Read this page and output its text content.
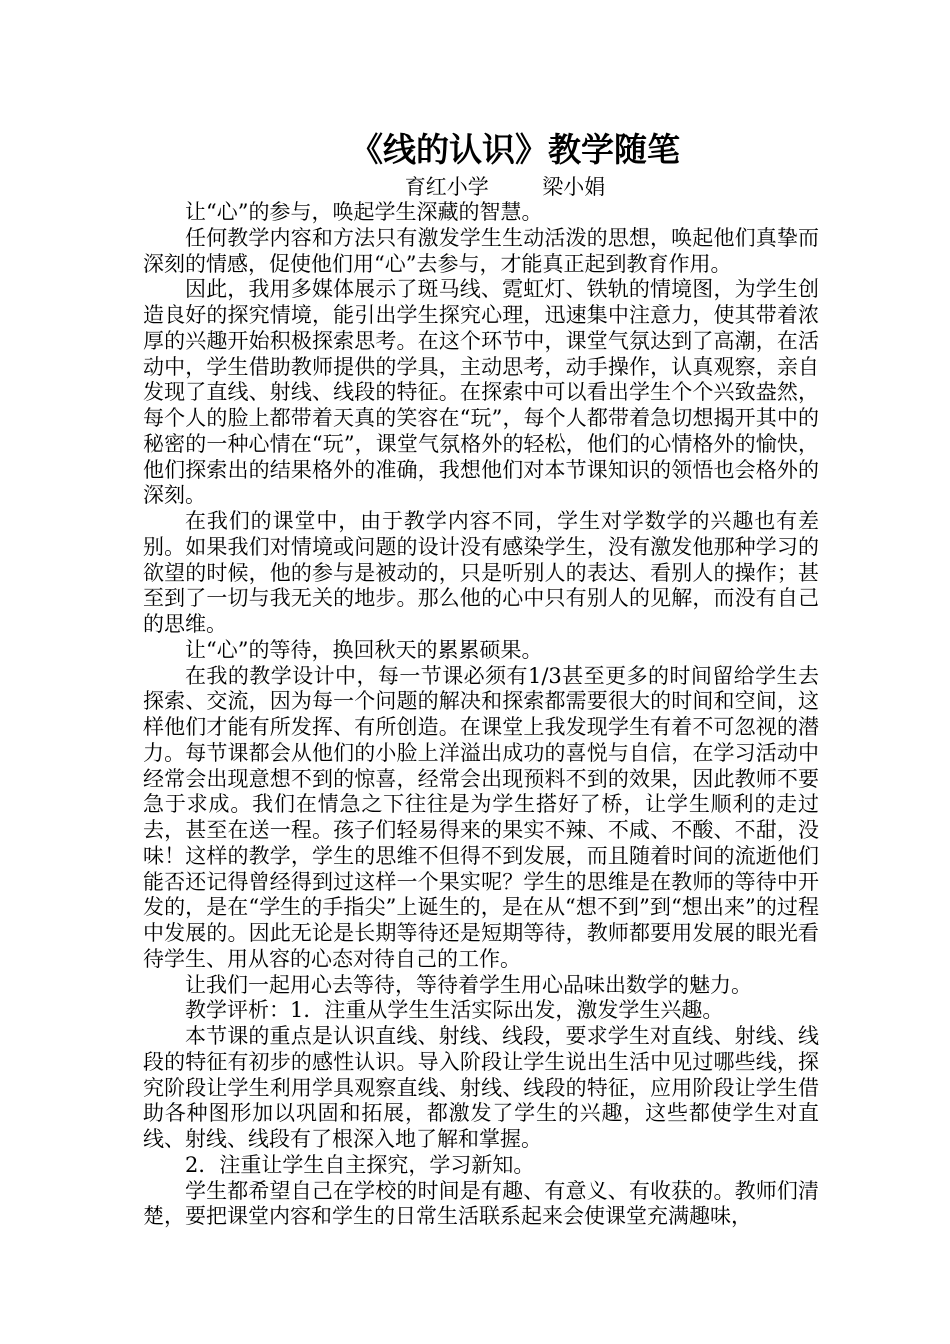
《线的认识》教学随笔
育红小学        梁小娟

让“心”的参与，唤起学生深藏的智慧。

任何教学内容和方法只有激发学生生动活泼的思想，唤起他们真挚而深刻的情感，促使他们用“心”去参与，才能真正起到教育作用。

因此，我用多媒体展示了斑马线、霓虹灯、铁轨的情境图，为学生创造良好的探究情境，能引出学生探究心理，迅速集中注意力，使其带着浓厚的兴趣开始积极探索思考。在这个环节中，课堂气氛达到了高潮，在活动中，学生借助教师提供的学具，主动思考，动手操作，认真观察，亲自发现了直线、射线、线段的特征。在探索中可以看出学生个个兴致盎然，每个人的脸上都带着天真的笑容在“玩”，每个人都带着急切想揭开其中的秘密的一种心情在“玩”，课堂气氛格外的轻松，他们的心情格外的愉快，他们探索出的结果格外的准确，我想他们对本节课知识的领悟也会格外的深刻。

在我们的课堂中，由于教学内容不同，学生对学数学的兴趣也有差别。如果我们对情境或问题的设计没有感染学生，没有激发他那种学习的欲望的时候，他的参与是被动的，只是听别人的表达、看别人的操作；甚至到了一切与我无关的地步。那么他的心中只有别人的见解，而没有自己的思维。

让“心”的等待，换回秋天的累累硕果。

在我的教学设计中，每一节课必须有1/3甚至更多的时间留给学生去探索、交流，因为每一个问题的解决和探索都需要很大的时间和空间，这样他们才能有所发挥、有所创造。在课堂上我发现学生有着不可忽视的潜力。每节课都会从他们的小脸上洋溢出成功的喜悦与自信，在学习活动中经常会出现意想不到的惊喜，经常会出现预料不到的效果，因此教师不要急于求成。我们在情急之下往往是为学生搭好了桥，让学生顺利的走过去，甚至在送一程。孩子们轻易得来的果实不辣、不咸、不酸、不甜，没味！这样的教学，学生的思维不但得不到发展，而且随着时间的流逝他们能否还记得曾经得到过这样一个果实呢？学生的思维是在教师的等待中开发的，是在“学生的手指尖”上诞生的，是在从“想不到”到“想出来”的过程中发展的。因此无论是长期等待还是短期等待，教师都要用发展的眼光看待学生、用从容的心态对待自己的工作。

让我们一起用心去等待，等待着学生用心品味出数学的魅力。

教学评析：1．注重从学生生活实际出发，激发学生兴趣。

本节课的重点是认识直线、射线、线段，要求学生对直线、射线、线段的特征有初步的感性认识。导入阶段让学生说出生活中见过哪些线，探究阶段让学生利用学具观察直线、射线、线段的特征，应用阶段让学生借助各种图形加以巩固和拓展，都激发了学生的兴趣，这些都使学生对直线、射线、线段有了根深入地了解和掌握。

2．注重让学生自主探究，学习新知。

学生都希望自己在学校的时间是有趣、有意义、有收获的。教师们清楚，要把课堂内容和学生的日常生活联系起来会使课堂充满趣味，
